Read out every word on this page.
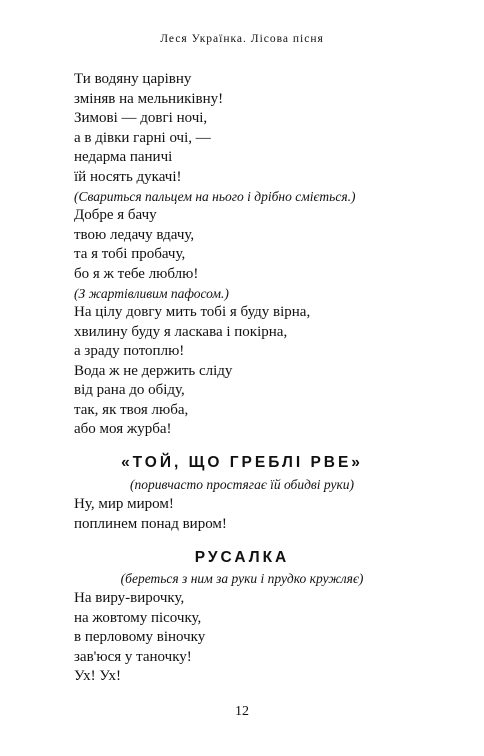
Леся Українка. Лісова пісня
Ти водяну царівну
зміняв на мельниківну!
Зимові — довгі ночі,
а в дівки гарні очі, —
недарма паничі
їй носять дукачі!
(Свариться пальцем на нього і дрібно сміється.)
Добре я бачу
твою ледачу вдачу,
та я тобі пробачу,
бо я ж тебе люблю!
(З жартівливим пафосом.)
На цілу довгу мить тобі я буду вірна,
хвилину буду я ласкава і покірна,
а зраду потоплю!
Вода ж не держить сліду
від рана до обіду,
так, як твоя люба,
або моя журба!
«ТОЙ, ЩО ГРЕБЛІ РВЕ»
(поривчасто простягає їй обидві руки)
Ну, мир миром!
поплинем понад виром!
РУСАЛКА
(береться з ним за руки і прудко кружляє)
На виру-вирочку,
на жовтому пісочку,
в перловому віночку
зав'юся у таночку!
Ух! Ух!
12
